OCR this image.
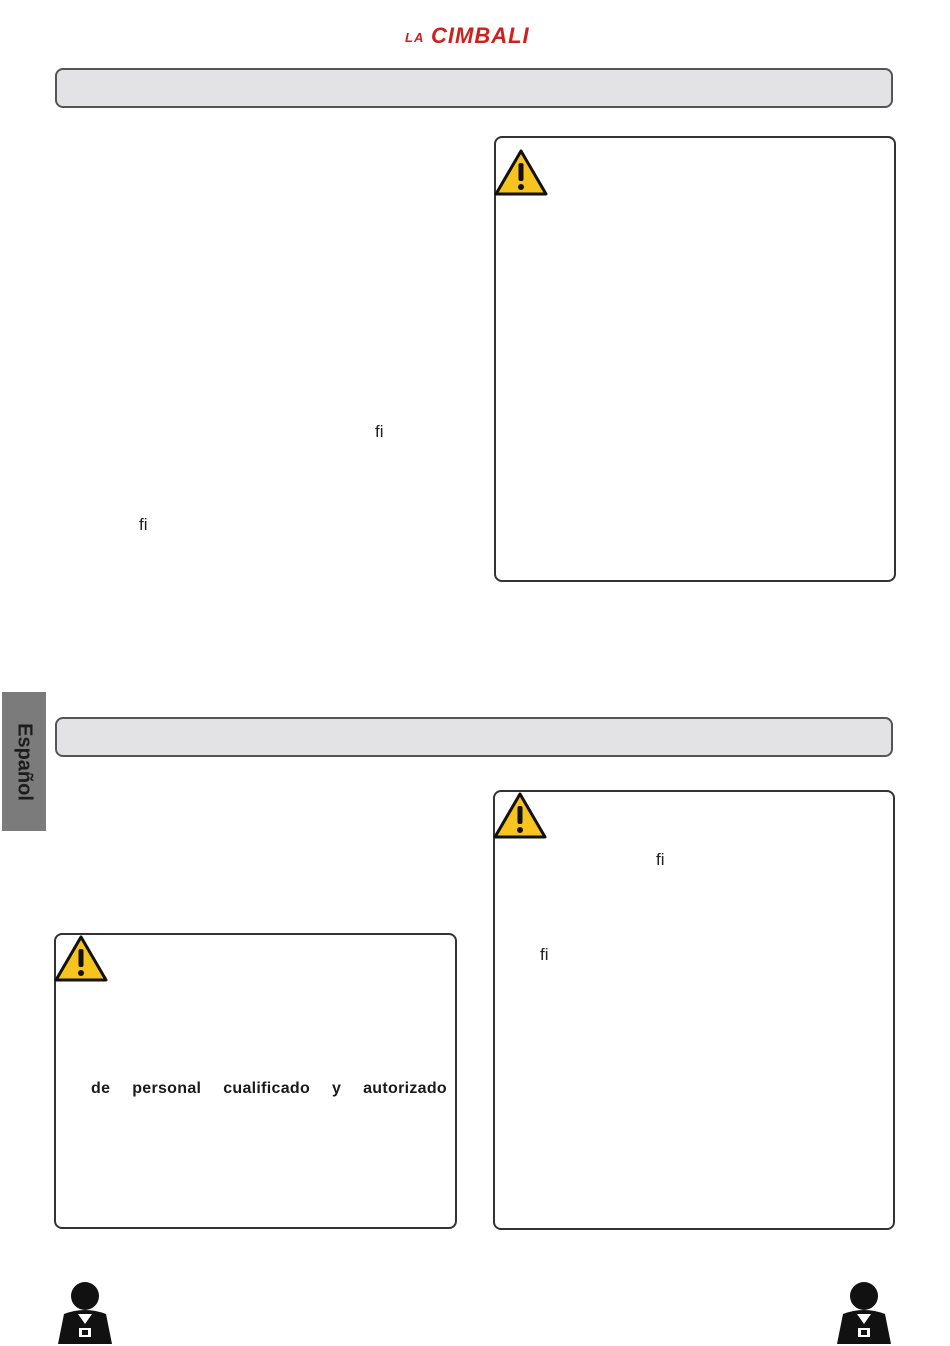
LA CIMBALI
fi
fi
Español
de personal cualificado y autorizado
fi
fi
